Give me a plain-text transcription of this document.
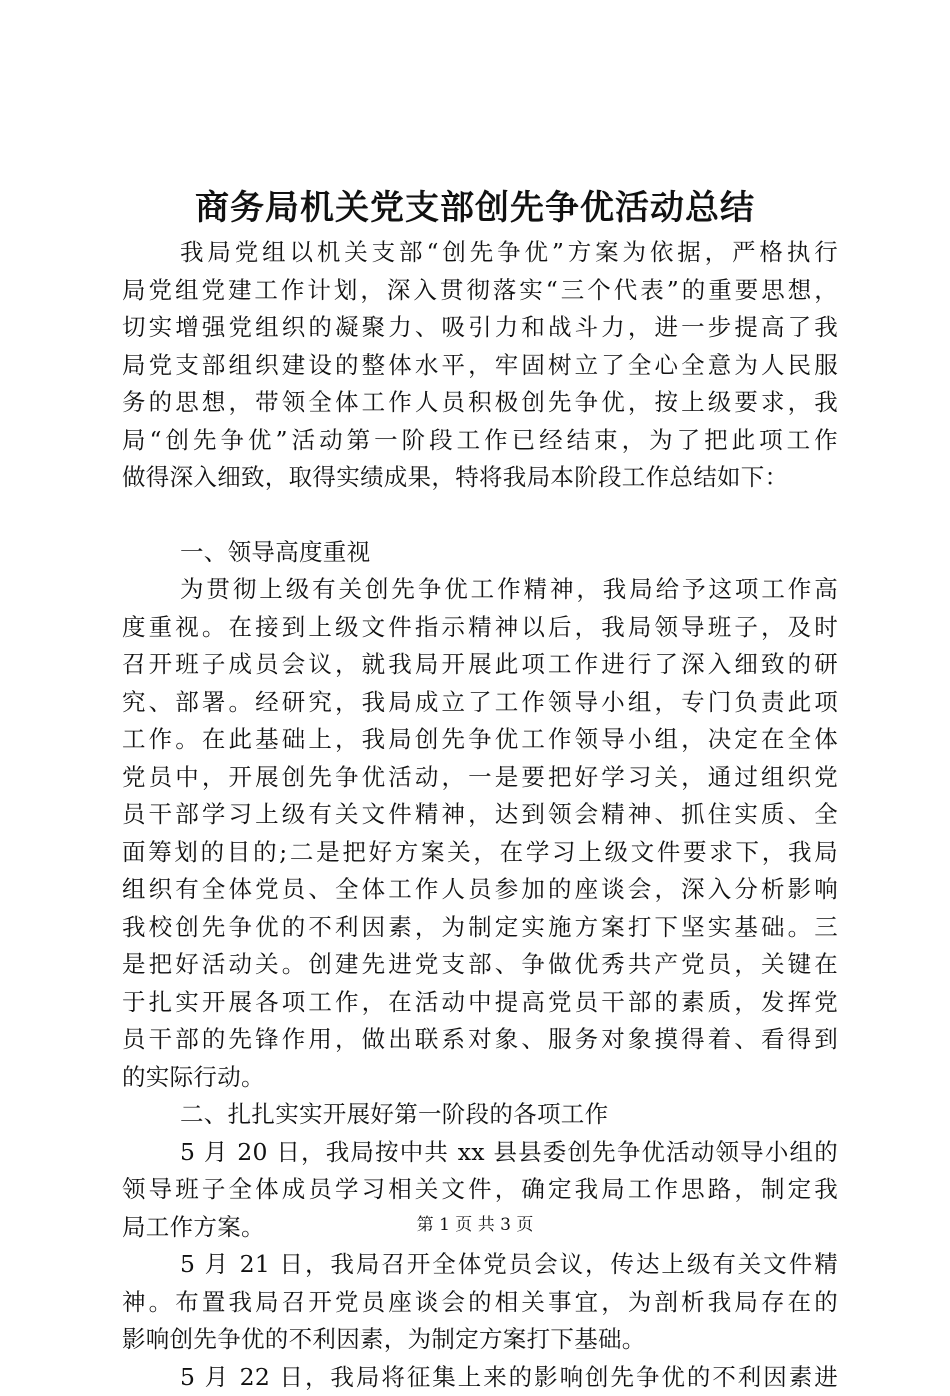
商务局机关党支部创先争优活动总结

我局党组以机关支部“创先争优”方案为依据，严格执行
局党组党建工作计划，深入贯彻落实“三个代表”的重要思想，
切实增强党组织的凝聚力、吸引力和战斗力，进一步提高了我
局党支部组织建设的整体水平，牢固树立了全心全意为人民服
务的思想，带领全体工作人员积极创先争优，按上级要求，我
局“创先争优”活动第一阶段工作已经结束，为了把此项工作
做得深入细致，取得实绩成果，特将我局本阶段工作总结如下：

一、领导高度重视

为贯彻上级有关创先争优工作精神，我局给予这项工作高
度重视。在接到上级文件指示精神以后，我局领导班子，及时
召开班子成员会议，就我局开展此项工作进行了深入细致的研
究、部署。经研究，我局成立了工作领导小组，专门负责此项
工作。在此基础上，我局创先争优工作领导小组，决定在全体
党员中，开展创先争优活动，一是要把好学习关，通过组织党
员干部学习上级有关文件精神，达到领会精神、抓住实质、全
面筹划的目的;二是把好方案关，在学习上级文件要求下，我局
组织有全体党员、全体工作人员参加的座谈会，深入分析影响
我校创先争优的不利因素，为制定实施方案打下坚实基础。三
是把好活动关。创建先进党支部、争做优秀共产党员，关键在
于扎实开展各项工作，在活动中提高党员干部的素质，发挥党
员干部的先锋作用，做出联系对象、服务对象摸得着、看得到
的实际行动。

二、扎扎实实开展好第一阶段的各项工作

5 月 20 日，我局按中共 xx 县县委创先争优活动领导小组的
领导班子全体成员学习相关文件，确定我局工作思路，制定我
局工作方案。

5 月 21 日，我局召开全体党员会议，传达上级有关文件精
神。布置我局召开党员座谈会的相关事宜，为剖析我局存在的
影响创先争优的不利因素，为制定方案打下基础。

5 月 22 日，我局将征集上来的影响创先争优的不利因素进

第 1 页 共 3 页
